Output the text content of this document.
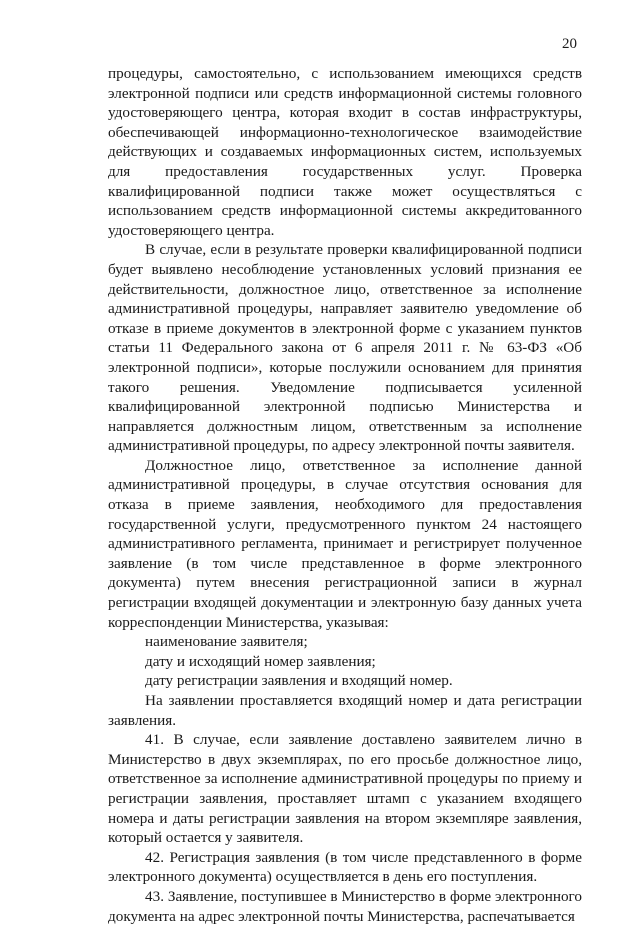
20

процедуры, самостоятельно, с использованием имеющихся средств электронной подписи или средств информационной системы головного удостоверяющего центра, которая входит в состав инфраструктуры, обеспечивающей информационно-технологическое взаимодействие действующих и создаваемых информационных систем, используемых для предоставления государственных услуг. Проверка квалифицированной подписи также может осуществляться с использованием средств информационной системы аккредитованного удостоверяющего центра.

В случае, если в результате проверки квалифицированной подписи будет выявлено несоблюдение установленных условий признания ее действительности, должностное лицо, ответственное за исполнение административной процедуры, направляет заявителю уведомление об отказе в приеме документов в электронной форме с указанием пунктов статьи 11 Федерального закона от 6 апреля 2011 г. № 63-ФЗ «Об электронной подписи», которые послужили основанием для принятия такого решения. Уведомление подписывается усиленной квалифицированной электронной подписью Министерства и направляется должностным лицом, ответственным за исполнение административной процедуры, по адресу электронной почты заявителя.

Должностное лицо, ответственное за исполнение данной административной процедуры, в случае отсутствия основания для отказа в приеме заявления, необходимого для предоставления государственной услуги, предусмотренного пунктом 24 настоящего административного регламента, принимает и регистрирует полученное заявление (в том числе представленное в форме электронного документа) путем внесения регистрационной записи в журнал регистрации входящей документации и электронную базу данных учета корреспонденции Министерства, указывая:

наименование заявителя;

дату и исходящий номер заявления;

дату регистрации заявления и входящий номер.

На заявлении проставляется входящий номер и дата регистрации заявления.

41. В случае, если заявление доставлено заявителем лично в Министерство в двух экземплярах, по его просьбе должностное лицо, ответственное за исполнение административной процедуры по приему и регистрации заявления, проставляет штамп с указанием входящего номера и даты регистрации заявления на втором экземпляре заявления, который остается у заявителя.

42. Регистрация заявления (в том числе представленного в форме электронного документа) осуществляется в день его поступления.

43. Заявление, поступившее в Министерство в форме электронного документа на адрес электронной почты Министерства, распечатывается
